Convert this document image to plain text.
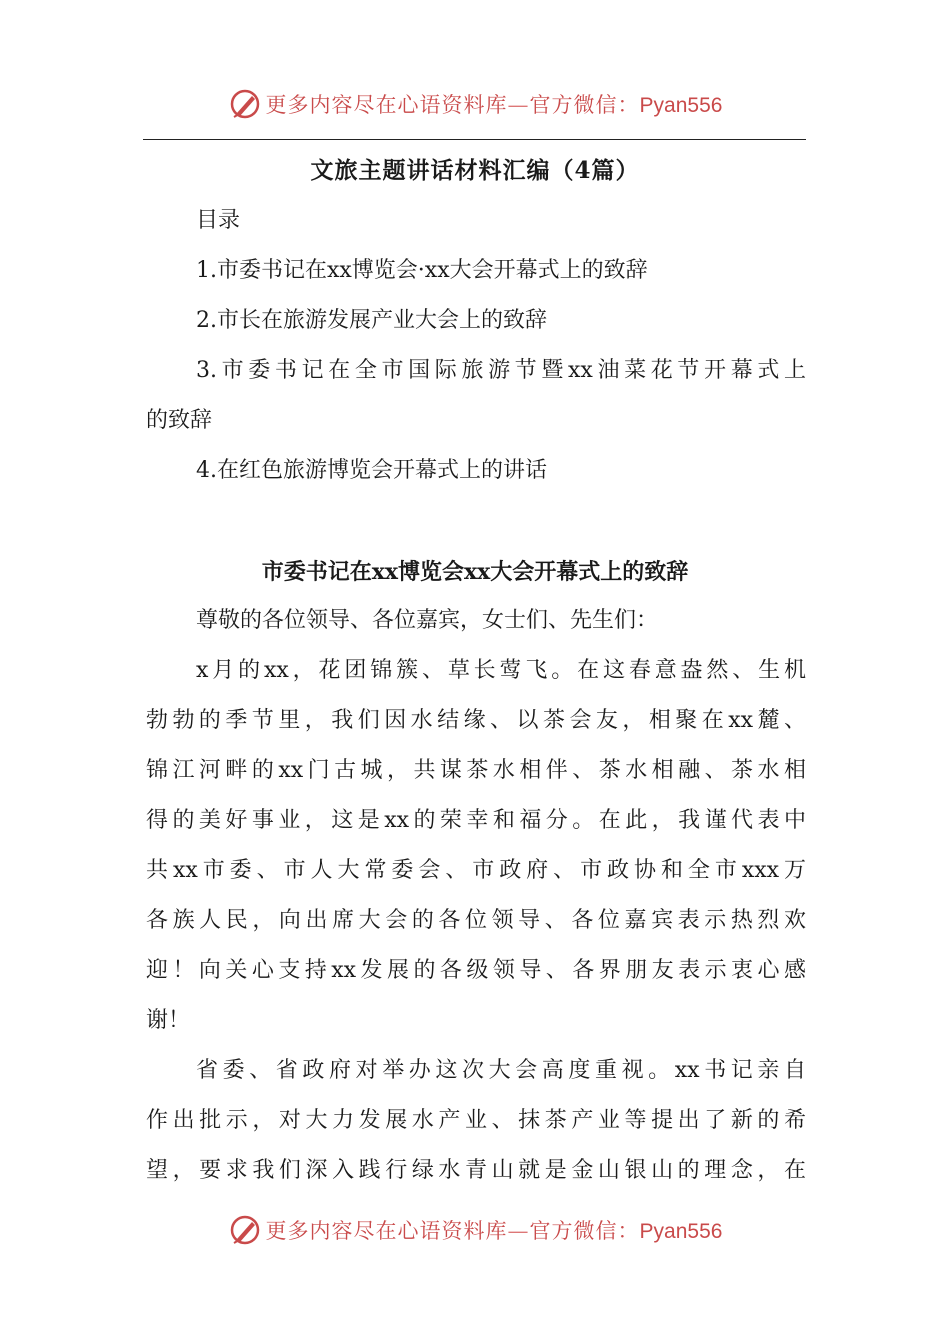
更多内容尽在心语资料库—官方微信：Pyan556
文旅主题讲话材料汇编（4篇）
目录
1.市委书记在xx博览会·xx大会开幕式上的致辞
2.市长在旅游发展产业大会上的致辞
3.市委书记在全市国际旅游节暨xx油菜花节开幕式上
的致辞
4.在红色旅游博览会开幕式上的讲话
市委书记在xx博览会xx大会开幕式上的致辞
尊敬的各位领导、各位嘉宾，女士们、先生们：
x月的xx，花团锦簇、草长莺飞。在这春意盎然、生机
勃勃的季节里，我们因水结缘、以茶会友，相聚在xx麓、
锦江河畔的xx门古城，共谋茶水相伴、茶水相融、茶水相
得的美好事业，这是xx的荣幸和福分。在此，我谨代表中
共xx市委、市人大常委会、市政府、市政协和全市xxx万
各族人民，向出席大会的各位领导、各位嘉宾表示热烈欢
迎！向关心支持xx发展的各级领导、各界朋友表示衷心感
谢！
省委、省政府对举办这次大会高度重视。xx书记亲自
作出批示，对大力发展水产业、抹茶产业等提出了新的希
望，要求我们深入践行绿水青山就是金山银山的理念，在
更多内容尽在心语资料库—官方微信：Pyan556
